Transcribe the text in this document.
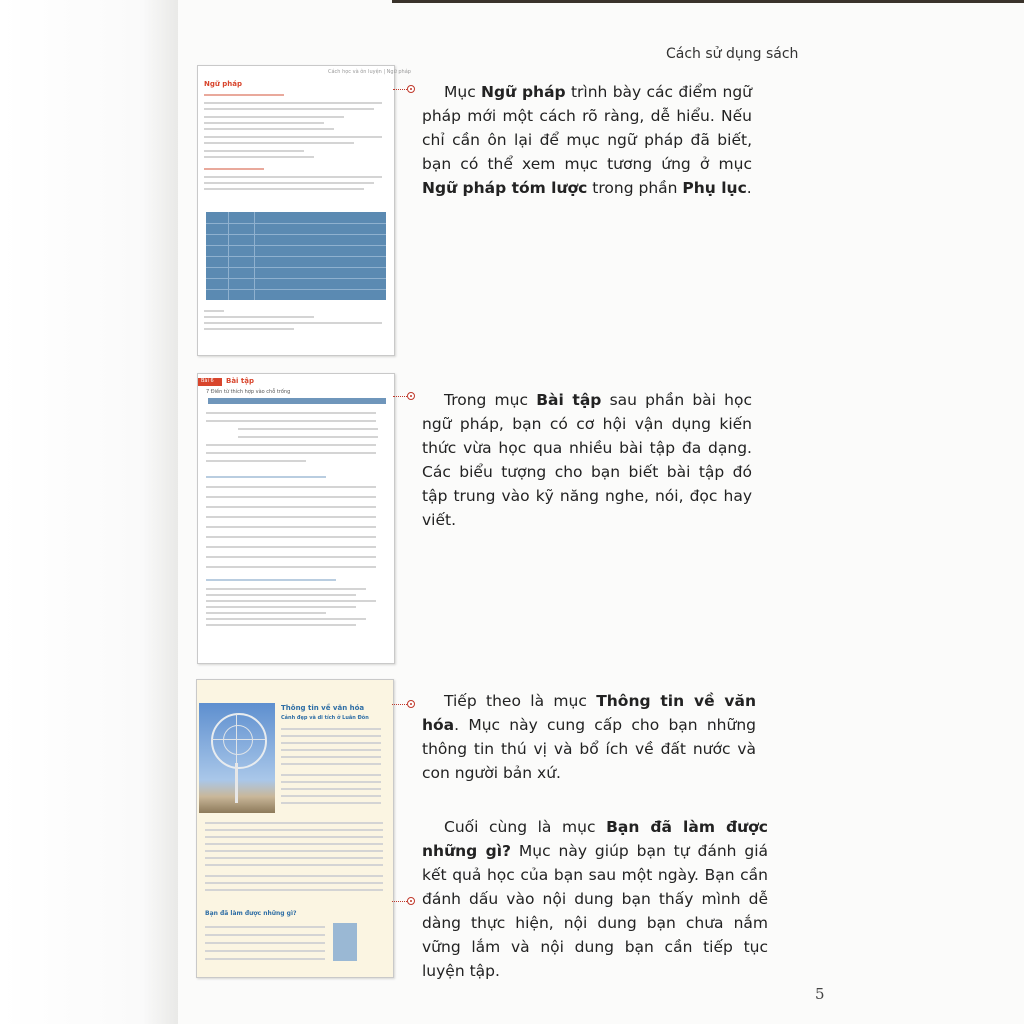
Cách sử dụng sách
Cách học và ôn luyện | Ngữ pháp
Ngữ pháp
Bài 6 Bài tập
7 Điền từ thích hợp vào chỗ trống
Thông tin về văn hóa
Cảnh đẹp và di tích ở Luân Đôn
Bạn đã làm được những gì?
Mục Ngữ pháp trình bày các điểm ngữ pháp mới một cách rõ ràng, dễ hiểu. Nếu chỉ cần ôn lại để mục ngữ pháp đã biết, bạn có thể xem mục tương ứng ở mục Ngữ pháp tóm lược trong phần Phụ lục.
Trong mục Bài tập sau phần bài học ngữ pháp, bạn có cơ hội vận dụng kiến thức vừa học qua nhiều bài tập đa dạng. Các biểu tượng cho bạn biết bài tập đó tập trung vào kỹ năng nghe, nói, đọc hay viết.
Tiếp theo là mục Thông tin về văn hóa. Mục này cung cấp cho bạn những thông tin thú vị và bổ ích về đất nước và con người bản xứ.
Cuối cùng là mục Bạn đã làm được những gì? Mục này giúp bạn tự đánh giá kết quả học của bạn sau một ngày. Bạn cần đánh dấu vào nội dung bạn thấy mình dễ dàng thực hiện, nội dung bạn chưa nắm vững lắm và nội dung bạn cần tiếp tục luyện tập.
5
